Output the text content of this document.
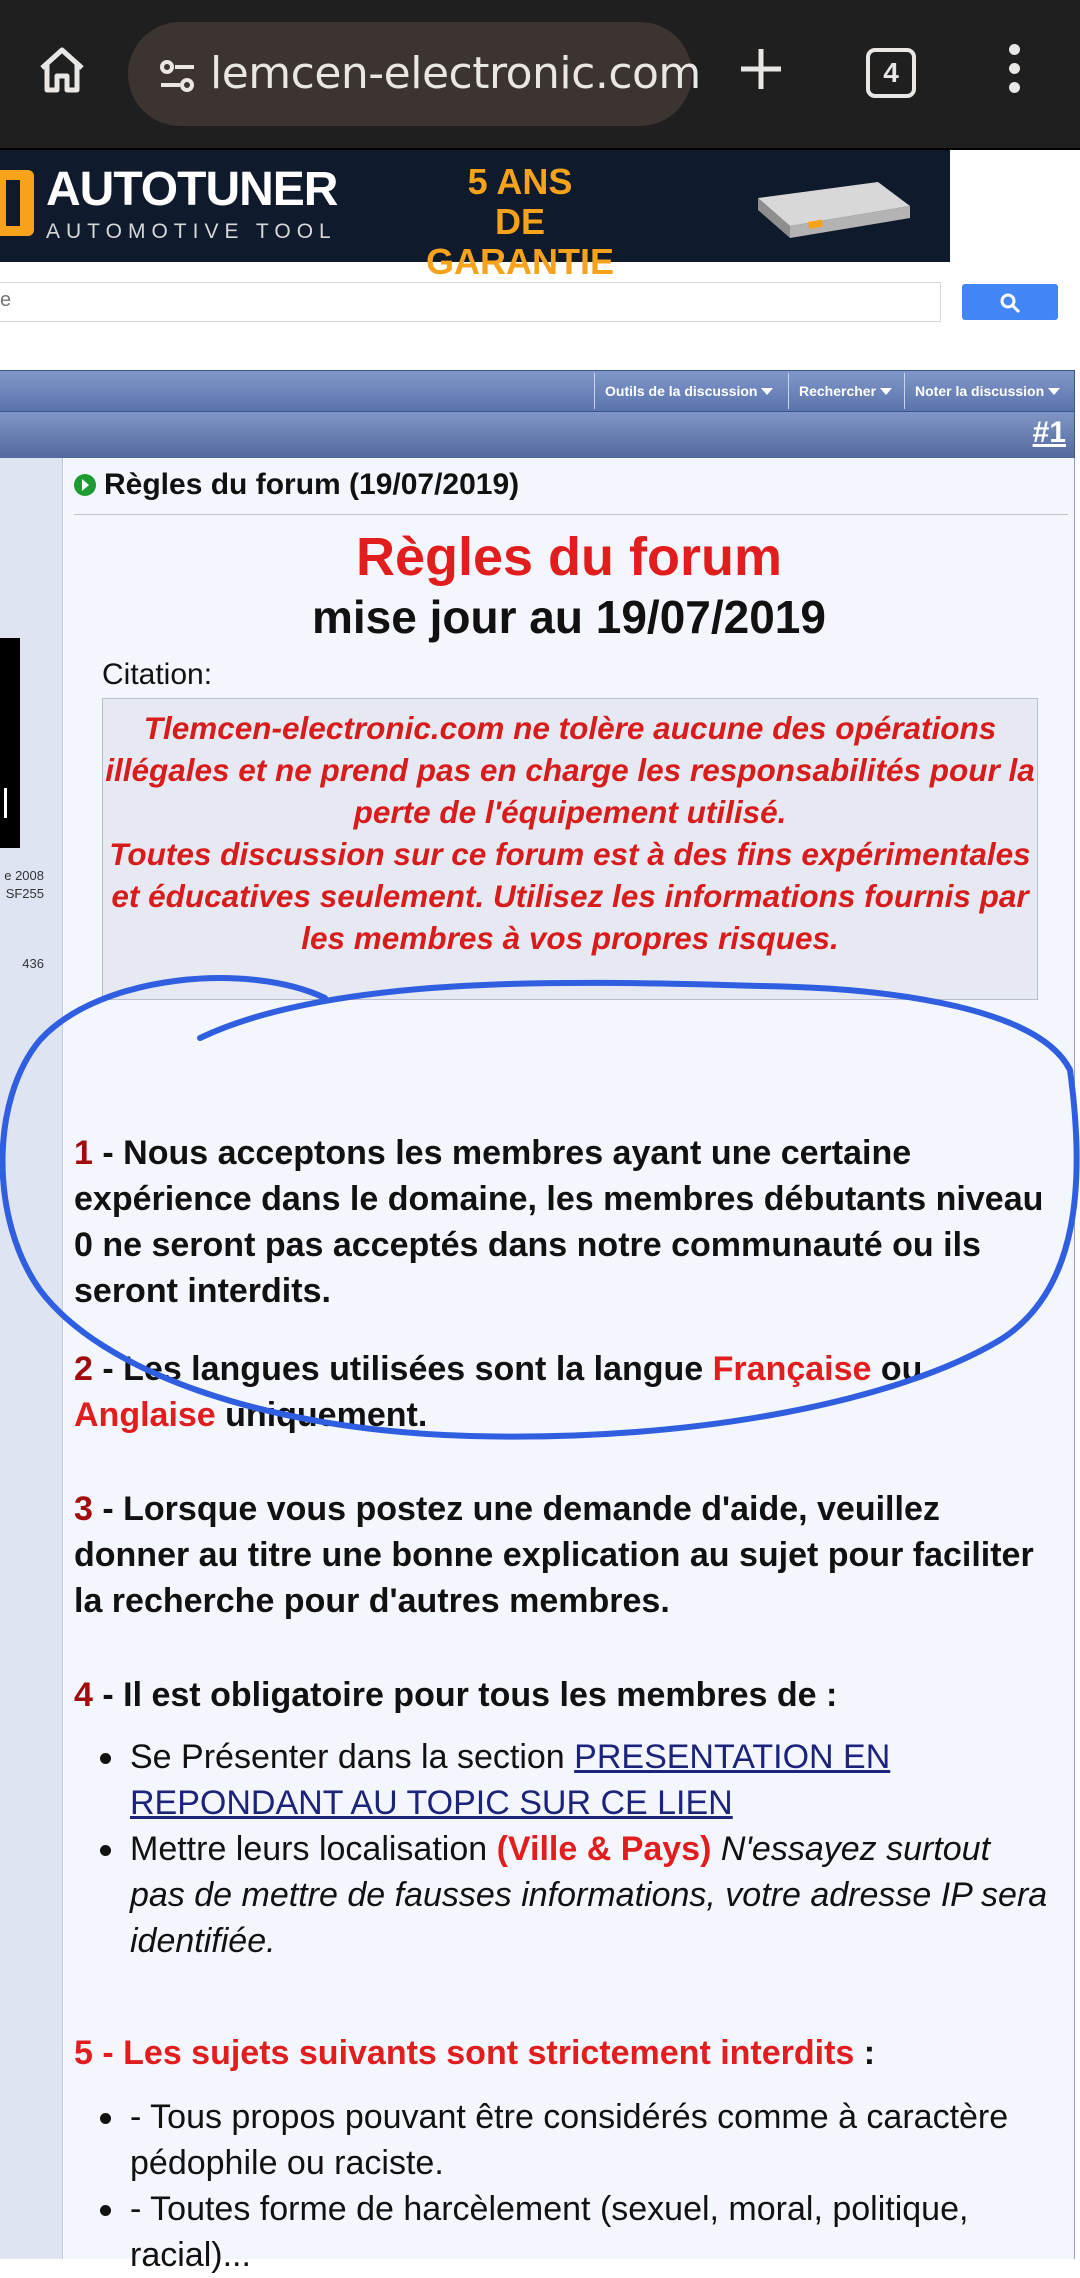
lemcen-electronic.com	4
AUTOTUNER
AUTOMOTIVE TOOL
5 ANS
DE GARANTIE
e
Outils de la discussion	Rechercher	Noter la discussion
#1
e 2008
SF255
436
Règles du forum (19/07/2019)
Règles du forum
mise jour au 19/07/2019
Citation:

Tlemcen-electronic.com ne tolère aucune des opérations illégales et ne prend pas en charge les responsabilités pour la perte de l'équipement utilisé.

Toutes discussion sur ce forum est à des fins expérimentales et éducatives seulement. Utilisez les informations fournis par les membres à vos propres risques.

1 - Nous acceptons les membres ayant une certaine expérience dans le domaine, les membres débutants niveau 0 ne seront pas acceptés dans notre communauté ou ils seront interdits.
2 - Les langues utilisées sont la langue Française ou Anglaise uniquement.
3 - Lorsque vous postez une demande d'aide, veuillez donner au titre une bonne explication au sujet pour faciliter la recherche pour d'autres membres.
4 - Il est obligatoire pour tous les membres de :
Se Présenter dans la section PRESENTATION EN REPONDANT AU TOPIC SUR CE LIEN
Mettre leurs localisation (Ville & Pays) N'essayez surtout pas de mettre de fausses informations, votre adresse IP sera identifiée.
5 - Les sujets suivants sont strictement interdits :
- Tous propos pouvant être considérés comme à caractère pédophile ou raciste.
- Toutes forme de harcèlement (sexuel, moral, politique, racial)...
